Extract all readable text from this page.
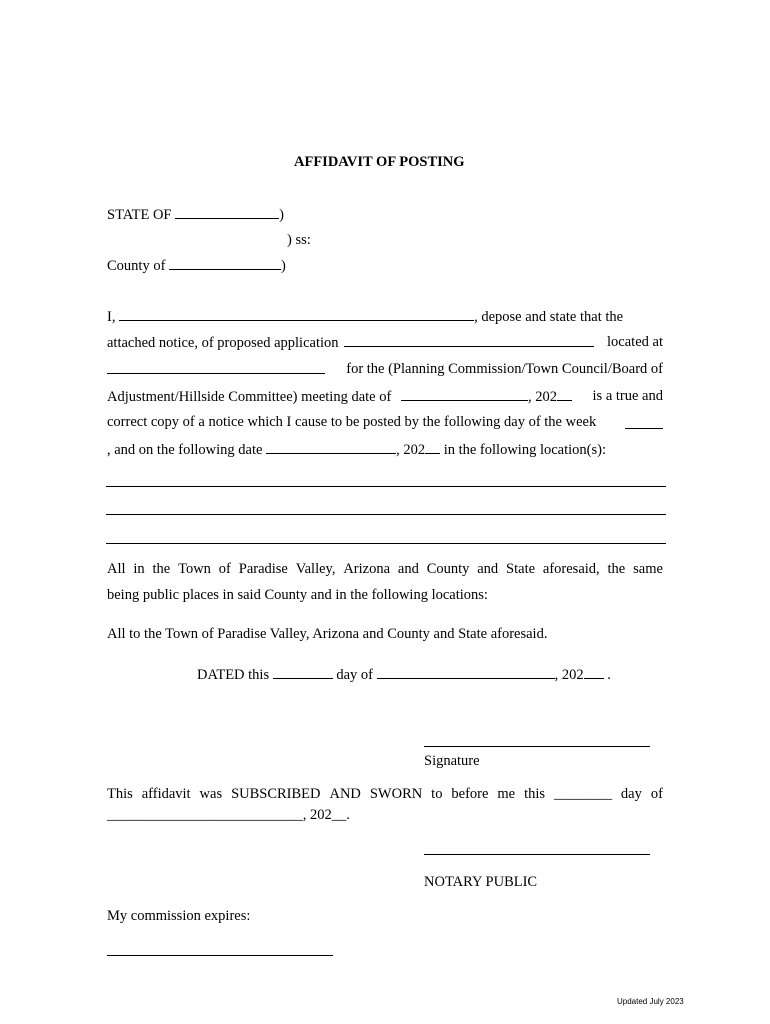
AFFIDAVIT OF POSTING
STATE OF	)
) ss:
County of	)
I,	, depose and state that the
attached notice, of proposed application	located at
for the (Planning Commission/Town Council/Board of
Adjustment/Hillside Committee) meeting date of	, 202 is a true and
correct copy of a notice which I cause to be posted by the following day of the week
, and on the following date	, 202 in the following location(s):
All in the Town of Paradise Valley, Arizona and County and State aforesaid, the same
being public places in said County and in the following locations:
All to the Town of Paradise Valley, Arizona and County and State aforesaid.
DATED this	day of	, 202 .
Signature
This affidavit was SUBSCRIBED AND SWORN to before me this ________ day of
___________________________, 202__.
NOTARY PUBLIC
My commission expires:
Updated July 2023
